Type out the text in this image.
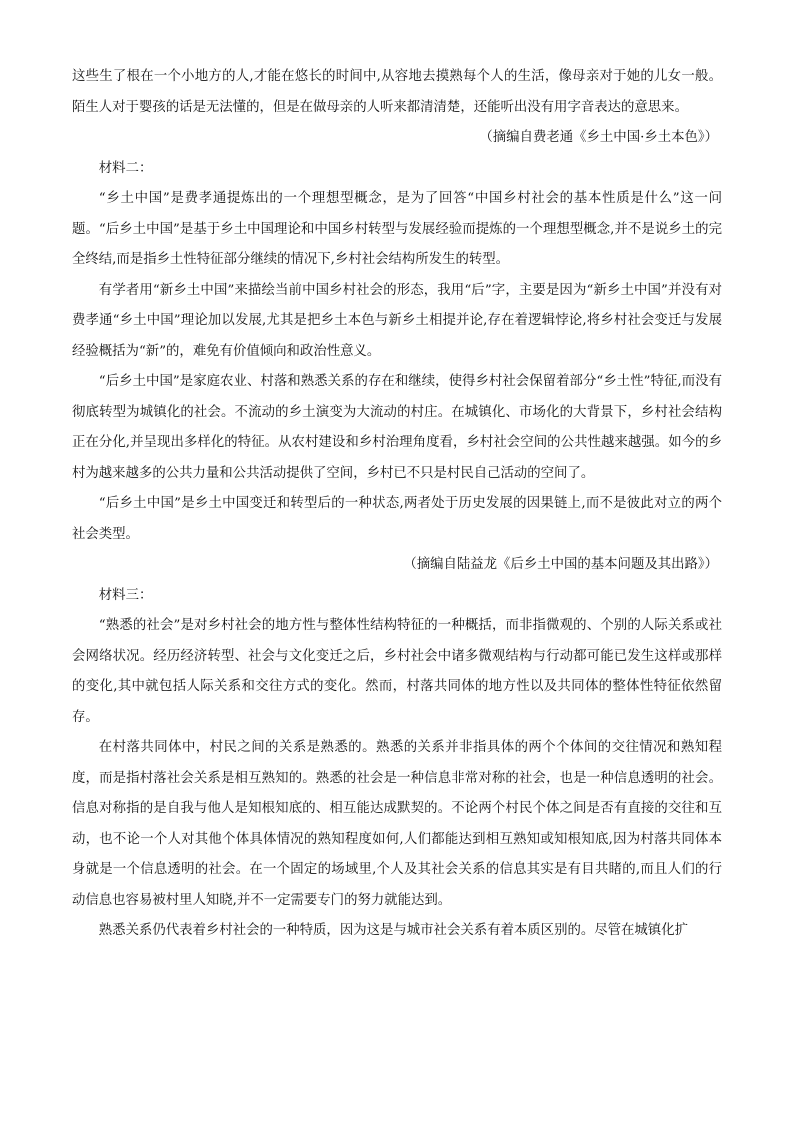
这些生了根在一个小地方的人,才能在悠长的时间中,从容地去摸熟每个人的生活，像母亲对于她的儿女一般。陌生人对于婴孩的话是无法懂的，但是在做母亲的人听来都清清楚，还能听出没有用字音表达的意思来。

（摘编自费老通《乡土中国·乡土本色》）

材料二：

“乡土中国”是费孝通提炼出的一个理想型概念，是为了回答“中国乡村社会的基本性质是什么”这一问题。“后乡土中国”是基于乡土中国理论和中国乡村转型与发展经验而提炼的一个理想型概念,并不是说乡土的完全终结,而是指乡土性特征部分继续的情况下,乡村社会结构所发生的转型。

有学者用“新乡土中国”来描绘当前中国乡村社会的形态，我用“后”字，主要是因为“新乡土中国”并没有对费孝通“乡土中国”理论加以发展,尤其是把乡土本色与新乡土相提并论,存在着逻辑悖论,将乡村社会变迁与发展经验概括为“新”的，难免有价值倾向和政治性意义。

“后乡土中国”是家庭农业、村落和熟悉关系的存在和继续，使得乡村社会保留着部分“乡土性”特征,而没有彻底转型为城镇化的社会。不流动的乡土演变为大流动的村庄。在城镇化、市场化的大背景下，乡村社会结构正在分化,并呈现出多样化的特征。从农村建设和乡村治理角度看，乡村社会空间的公共性越来越强。如今的乡村为越来越多的公共力量和公共活动提供了空间，乡村已不只是村民自己活动的空间了。

“后乡土中国”是乡土中国变迁和转型后的一种状态,两者处于历史发展的因果链上,而不是彼此对立的两个社会类型。

（摘编自陆益龙《后乡土中国的基本问题及其出路》）

材料三：

“熟悉的社会”是对乡村社会的地方性与整体性结构特征的一种概括，而非指微观的、个别的人际关系或社会网络状况。经历经济转型、社会与文化变迁之后，乡村社会中诸多微观结构与行动都可能已发生这样或那样的变化,其中就包括人际关系和交往方式的变化。然而，村落共同体的地方性以及共同体的整体性特征依然留存。

在村落共同体中，村民之间的关系是熟悉的。熟悉的关系并非指具体的两个个体间的交往情况和熟知程度，而是指村落社会关系是相互熟知的。熟悉的社会是一种信息非常对称的社会，也是一种信息透明的社会。信息对称指的是自我与他人是知根知底的、相互能达成默契的。不论两个村民个体之间是否有直接的交往和互动，也不论一个人对其他个体具体情况的熟知程度如何,人们都能达到相互熟知或知根知底,因为村落共同体本身就是一个信息透明的社会。在一个固定的场域里,个人及其社会关系的信息其实是有目共睹的,而且人们的行动信息也容易被村里人知晓,并不一定需要专门的努力就能达到。

熟悉关系仍代表着乡村社会的一种特质，因为这是与城市社会关系有着本质区别的。尽管在城镇化扩
